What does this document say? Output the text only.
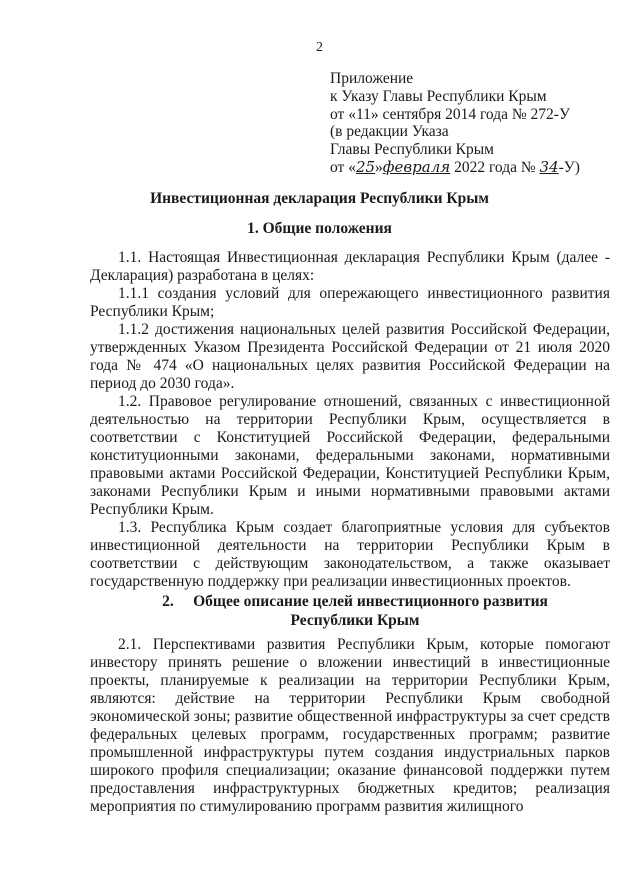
2
Приложение
к Указу Главы Республики Крым
от «11» сентября 2014 года № 272-У
(в редакции Указа
Главы Республики Крым
от «25»февраля 2022 года № 34-У)
Инвестиционная декларация Республики Крым
1. Общие положения

1.1. Настоящая Инвестиционная декларация Республики Крым (далее - Декларация) разработана в целях:

1.1.1 создания условий для опережающего инвестиционного развития Республики Крым;

1.1.2 достижения национальных целей развития Российской Федерации, утвержденных Указом Президента Российской Федерации от 21 июля 2020 года № 474 «О национальных целях развития Российской Федерации на период до 2030 года».

1.2. Правовое регулирование отношений, связанных с инвестиционной деятельностью на территории Республики Крым, осуществляется в соответствии с Конституцией Российской Федерации, федеральными конституционными законами, федеральными законами, нормативными правовыми актами Российской Федерации, Конституцией Республики Крым, законами Республики Крым и иными нормативными правовыми актами Республики Крым.

1.3. Республика Крым создает благоприятные условия для субъектов инвестиционной деятельности на территории Республики Крым в соответствии с действующим законодательством, а также оказывает государственную поддержку при реализации инвестиционных проектов.

2.     Общее описание целей инвестиционного развития Республики Крым

2.1. Перспективами развития Республики Крым, которые помогают инвестору принять решение о вложении инвестиций в инвестиционные проекты, планируемые к реализации на территории Республики Крым, являются: действие на территории Республики Крым свободной экономической зоны; развитие общественной инфраструктуры за счет средств федеральных целевых программ, государственных программ; развитие промышленной инфраструктуры путем создания индустриальных парков широкого профиля специализации; оказание финансовой поддержки путем предоставления инфраструктурных бюджетных кредитов; реализация мероприятия по стимулированию программ развития жилищного
